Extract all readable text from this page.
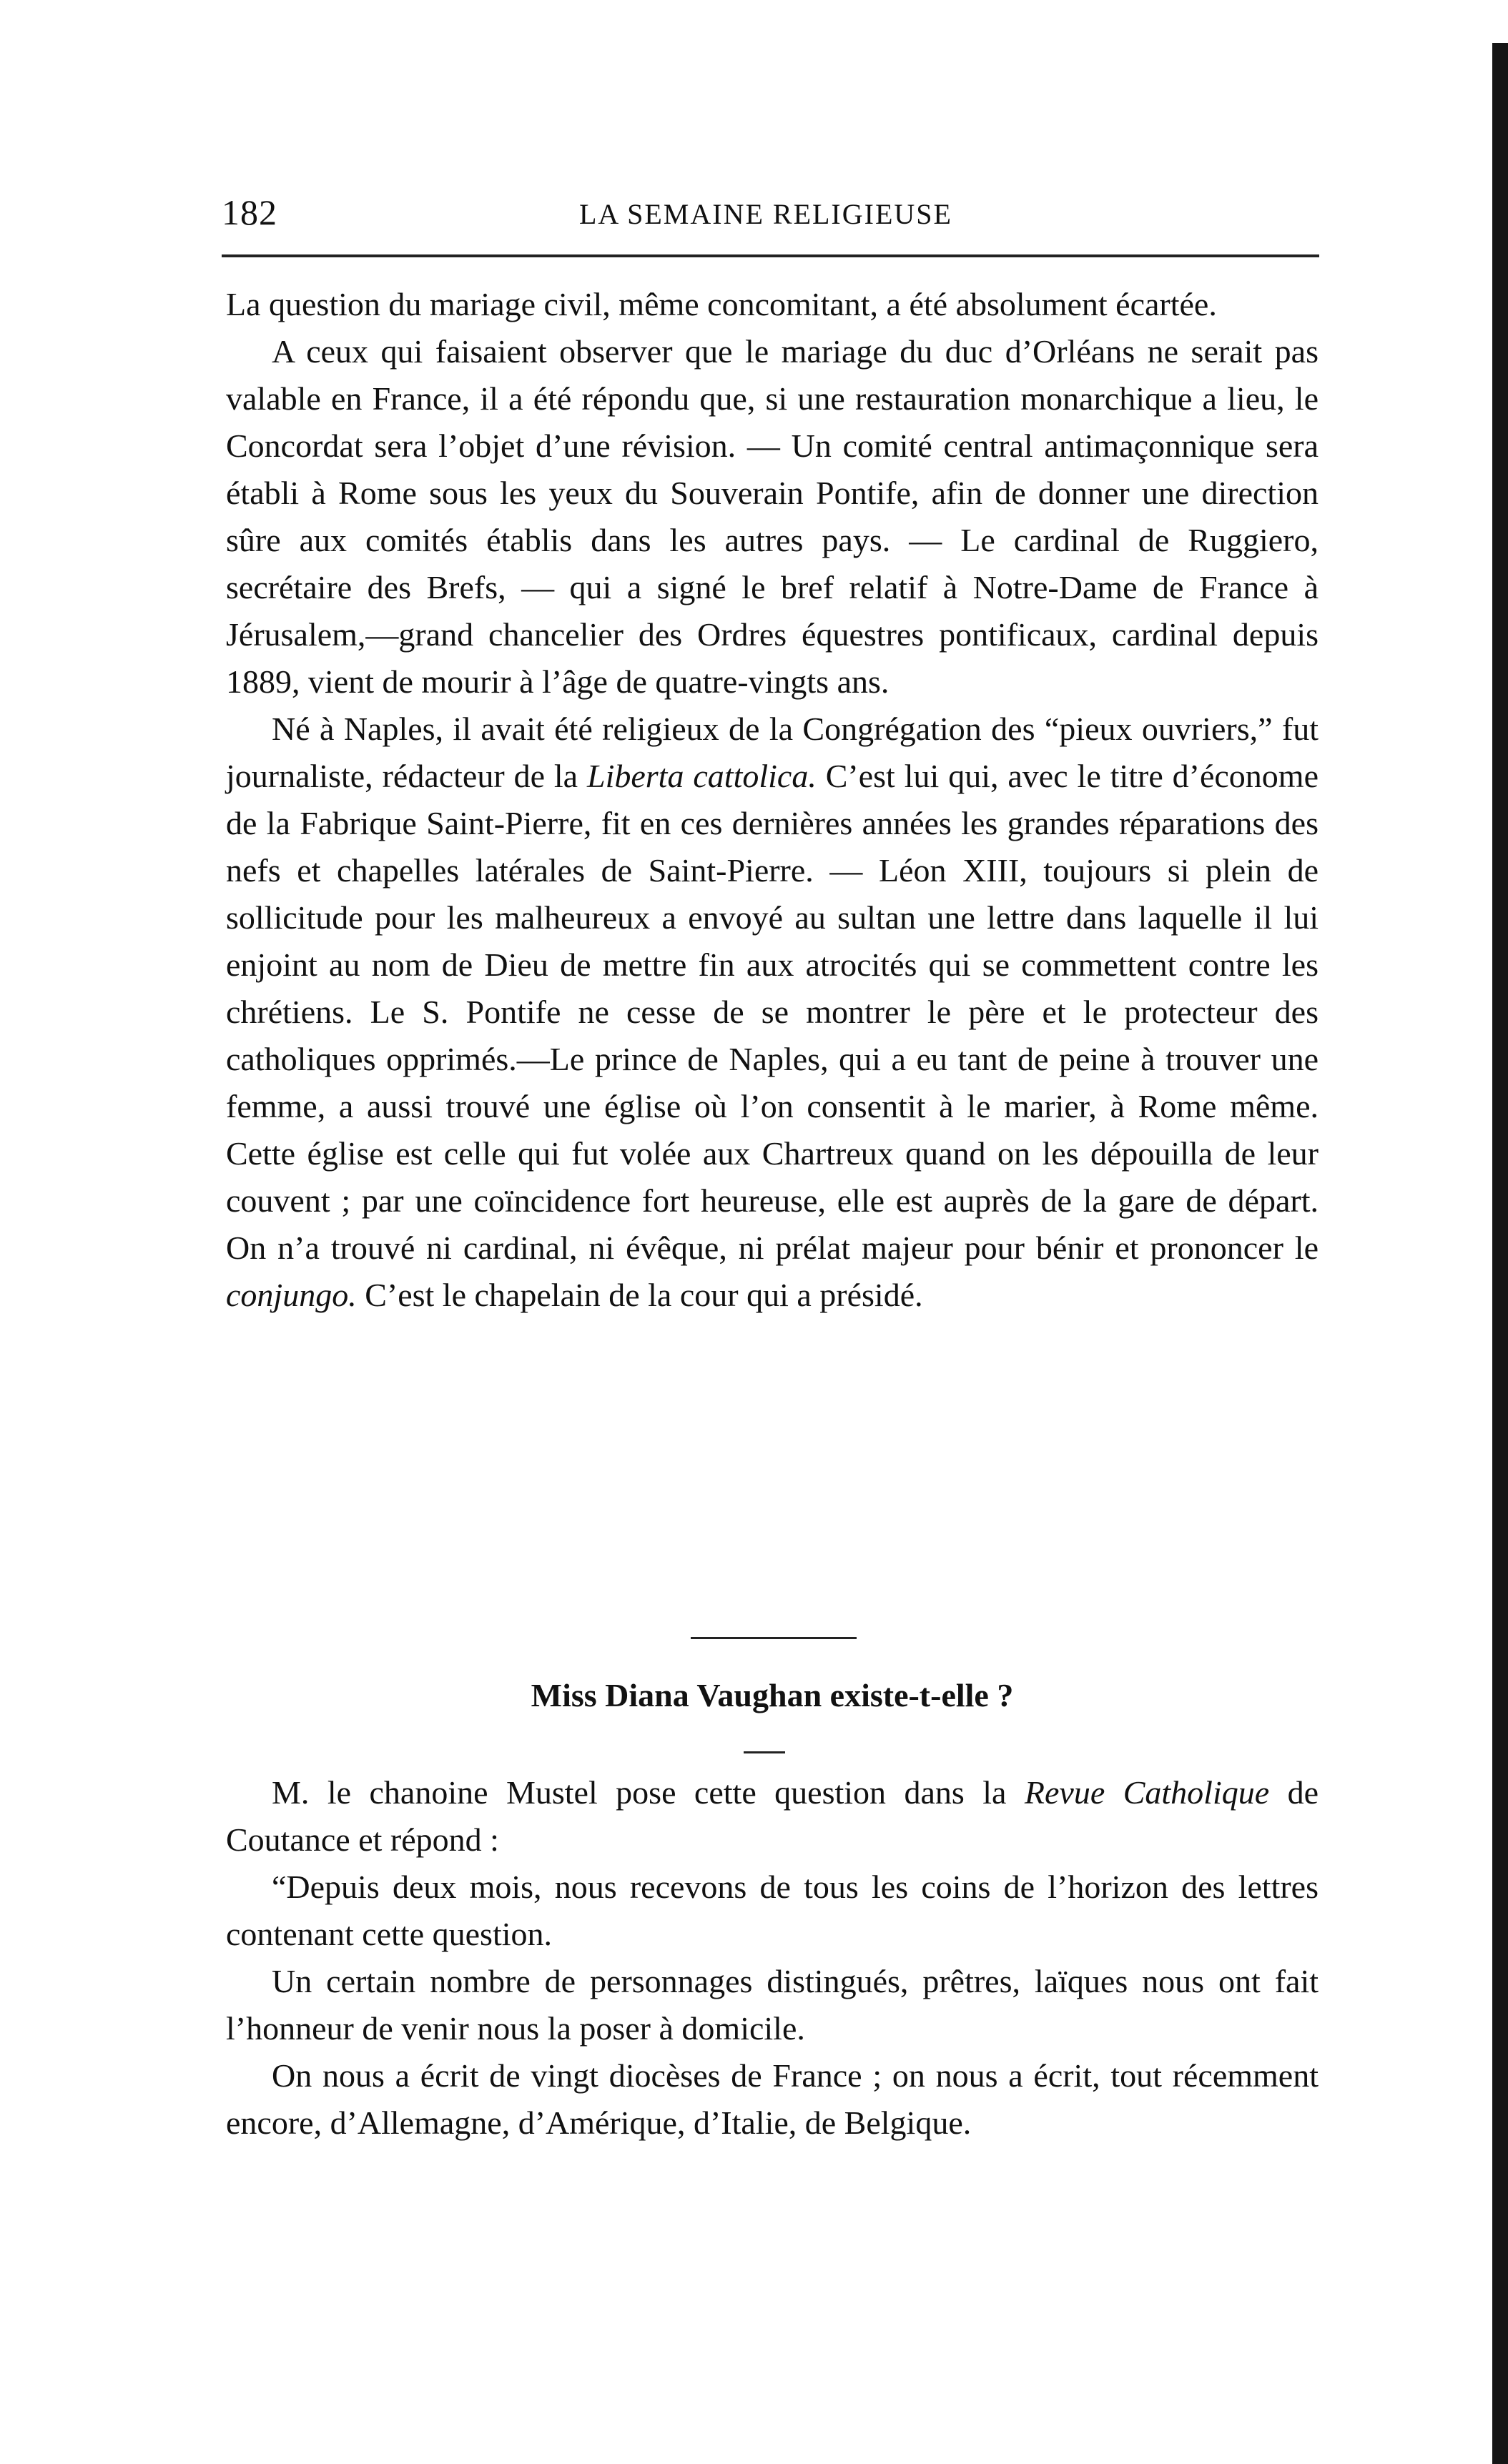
182	LA SEMAINE RELIGIEUSE

La question du mariage civil, même concomitant, a été absolument écartée.

A ceux qui faisaient observer que le mariage du duc d’Orléans ne serait pas valable en France, il a été répondu que, si une restauration monarchique a lieu, le Concordat sera l’objet d’une révision. — Un comité central antimaçonnique sera établi à Rome sous les yeux du Souverain Pontife, afin de donner une direction sûre aux comités établis dans les autres pays. — Le cardinal de Ruggiero, secrétaire des Brefs, — qui a signé le bref relatif à Notre-Dame de France à Jérusalem,—grand chancelier des Ordres équestres pontificaux, cardinal depuis 1889, vient de mourir à l’âge de quatre-vingts ans.

Né à Naples, il avait été religieux de la Congrégation des “pieux ouvriers,” fut journaliste, rédacteur de la Liberta cattolica. C’est lui qui, avec le titre d’économe de la Fabrique Saint-Pierre, fit en ces dernières années les grandes réparations des nefs et chapelles latérales de Saint-Pierre. — Léon XIII, toujours si plein de sollicitude pour les malheureux a envoyé au sultan une lettre dans laquelle il lui enjoint au nom de Dieu de mettre fin aux atrocités qui se commettent contre les chrétiens. Le S. Pontife ne cesse de se montrer le père et le protecteur des catholiques opprimés.—Le prince de Naples, qui a eu tant de peine à trouver une femme, a aussi trouvé une église où l’on consentit à le marier, à Rome même. Cette église est celle qui fut volée aux Chartreux quand on les dépouilla de leur couvent ; par une coïncidence fort heureuse, elle est auprès de la gare de départ. On n’a trouvé ni cardinal, ni évêque, ni prélat majeur pour bénir et prononcer le conjungo. C’est le chapelain de la cour qui a présidé.

Miss Diana Vaughan existe-t-elle ?

M. le chanoine Mustel pose cette question dans la Revue Catholique de Coutance et répond :

“Depuis deux mois, nous recevons de tous les coins de l’horizon des lettres contenant cette question.

Un certain nombre de personnages distingués, prêtres, laïques nous ont fait l’honneur de venir nous la poser à domicile.

On nous a écrit de vingt diocèses de France ; on nous a écrit, tout récemment encore, d’Allemagne, d’Amérique, d’Italie, de Belgique.
